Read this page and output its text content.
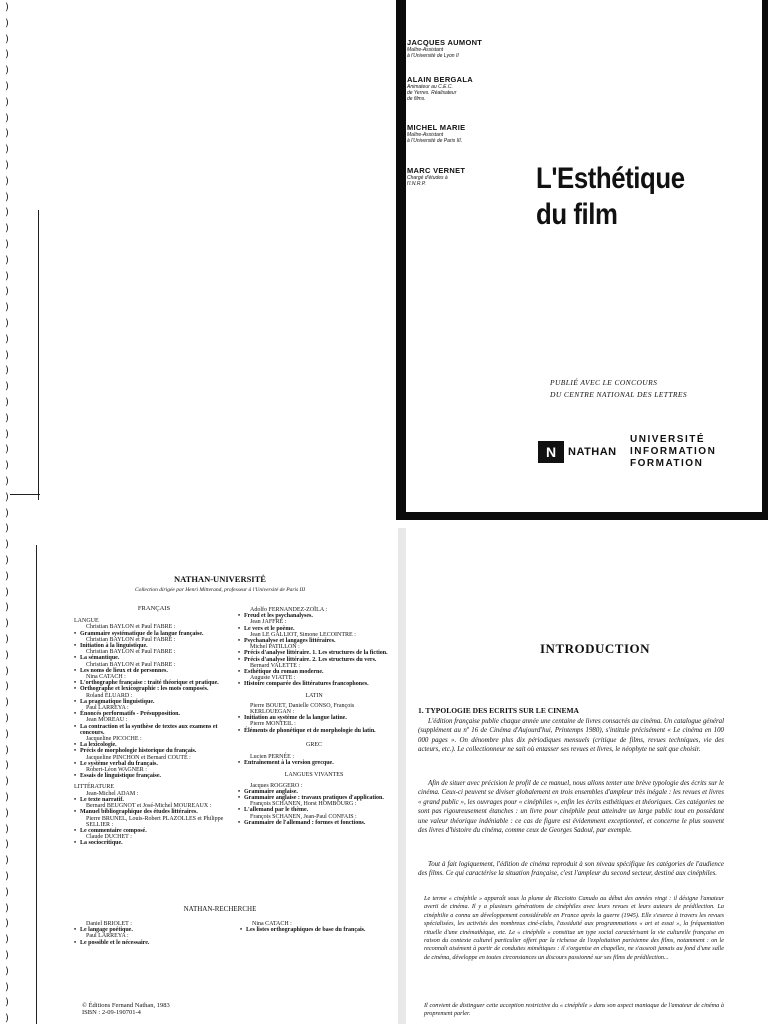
)
)
)
)
)
)
)
)
)
)
)
)
)
)
)
)
)
)
)
)
)
)
)
)
)
)
)
)
)
)
)
)
)
)
)
)
)
)
)
)
)
)
)
)
)
)
)
)
)
)
)
)
)
)
)
)
)
)
)
)
)
)
)
)
)
JACQUES AUMONT
Maître-Assistant
à l'Université de Lyon II
ALAIN BERGALA
Animateur au C.E.C.
de Yerres. Réalisateur
de films.
MICHEL MARIE
Maître-Assistant
à l'Université de Paris III.
MARC VERNET
Chargé d'études à
l'I.N.R.P.	L'Esthétique
du film
PUBLIÉ AVEC LE CONCOURS
DU CENTRE NATIONAL DES LETTRES
N	NATHAN
UNIVERSITÉ
INFORMATION
FORMATION
NATHAN-UNIVERSITÉ
Collection dirigée par Henri Mitterand, professeur à l'Université de Paris III
FRANÇAIS
LANGUE
Christian BAYLON et Paul FABRE :
• Grammaire systématique de la langue française.
Christian BAYLON et Paul FABRE :
• Initiation à la linguistique.
Christian BAYLON et Paul FABRE :
• La sémantique.
Christian BAYLON et Paul FABRE :
• Les noms de lieux et de personnes.
Nina CATACH :
• L'orthographe française : traité théorique et pratique.
• Orthographe et lexicographie : les mots composés.
Roland ÉLUARD :
• La pragmatique linguistique.
Paul LARREYA :
• Énoncés performatifs - Présupposition.
Jean MOREAU :
• La contraction et la synthèse de textes aux examens et concours.
Jacqueline PICOCHE :
• La lexicologie.
• Précis de morphologie historique du français.
Jacqueline PINCHON et Bernard COUTÉ :
• Le système verbal du français.
Robert-Léon WAGNER :
• Essais de linguistique française.
LITTÉRATURE
Jean-Michel ADAM :
• Le texte narratif.
Bernard BEUGNOT et José-Michel MOUREAUX :
• Manuel bibliographique des études littéraires.
Pierre BRUNEL, Louis-Robert PLAZOLLES et Philippe SELLIER :
• Le commentaire composé.
Claude DUCHET :
• La sociocritique.
Adolfo FERNANDEZ-ZOÏLA :
• Freud et les psychanalyses.
Jean JAFFRÉ :
• Le vers et le poème.
Jean LE GALLIOT, Simone LECOINTRE :
• Psychanalyse et langages littéraires.
Michel PATILLON :
• Précis d'analyse littéraire. 1. Les structures de la fiction.
• Précis d'analyse littéraire. 2. Les structures du vers.
Bernard VALETTE :
• Esthétique du roman moderne.
Auguste VIATTE :
• Histoire comparée des littératures francophones.
LATIN
Pierre BOUET, Danielle CONSO, François KERLOUEGAN :
• Initiation au système de la langue latine.
Pierre MONTEIL :
• Éléments de phonétique et de morphologie du latin.
GREC
Lucien PERNÉE :
• Entraînement à la version grecque.
LANGUES VIVANTES
Jacques ROGGERO :
• Grammaire anglaise.
• Grammaire anglaise : travaux pratiques d'application.
François SCHANEN, Horst HOMBOURG :
• L'allemand par le thème.
François SCHANEN, Jean-Paul CONFAIS :
• Grammaire de l'allemand : formes et fonctions.
NATHAN-RECHERCHE
Daniel BRIOLET :
• Le langage poétique.
Paul LARREYA :
• Le possible et le nécessaire.
Nina CATACH :
• Les listes orthographiques de base du français.
© Éditions Fernand Nathan, 1983
ISBN : 2-09-190701-4
INTRODUCTION
1. TYPOLOGIE DES ECRITS SUR LE CINEMA

L'édition française publie chaque année une centaine de livres consacrés au cinéma. Un catalogue général (supplément au nº 16 de Cinéma d'Aujourd'hui, Printemps 1980), s'intitule précisément « Le cinéma en 100 000 pages ». On dénombre plus dix périodiques mensuels (critique de films, revues techniques, vie des acteurs, etc.). Le collectionneur ne sait où entasser ses revues et livres, le néophyte ne sait que choisir.

Afin de situer avec précision le profil de ce manuel, nous allons tenter une brève typologie des écrits sur le cinéma. Ceux-ci peuvent se diviser globalement en trois ensembles d'ampleur très inégale : les revues et livres « grand public », les ouvrages pour « cinéphiles », enfin les écrits esthétiques et théoriques. Ces catégories ne sont pas rigoureusement étanches : un livre pour cinéphile peut atteindre un large public tout en possédant une valeur théorique indéniable : ce cas de figure est évidemment exceptionnel, et concerne le plus souvent des livres d'histoire du cinéma, comme ceux de Georges Sadoul, par exemple.

Tout à fait logiquement, l'édition de cinéma reproduit à son niveau spécifique les catégories de l'audience des films. Ce qui caractérise la situation française, c'est l'ampleur du second secteur, destiné aux cinéphiles.

Le terme « cinéphile » apparaît sous la plume de Ricciotto Canudo au début des années vingt : il désigne l'amateur averti de cinéma. Il y a plusieurs générations de cinéphiles avec leurs revues et leurs auteurs de prédilection. La cinéphilie a connu un développement considérable en France après la guerre (1945). Elle s'exerce à travers les revues spécialisées, les activités des nombreux ciné-clubs, l'assiduité aux programmations « art et essai », la fréquentation rituelle d'une cinémathèque, etc. Le « cinéphile » constitue un type social caractérisant la vie culturelle française en raison du contexte culturel particulier offert par la richesse de l'exploitation parisienne des films, notamment : on le reconnaît aisément à partir de conduites mimétiques : il s'organise en chapelles, ne s'asseoit jamais au fond d'une salle de cinéma, développe en toutes circonstances un discours passionné sur ses films de prédilection...

Il convient de distinguer cette acception restrictive du « cinéphile » dans son aspect maniaque de l'amateur de cinéma à proprement parler.
